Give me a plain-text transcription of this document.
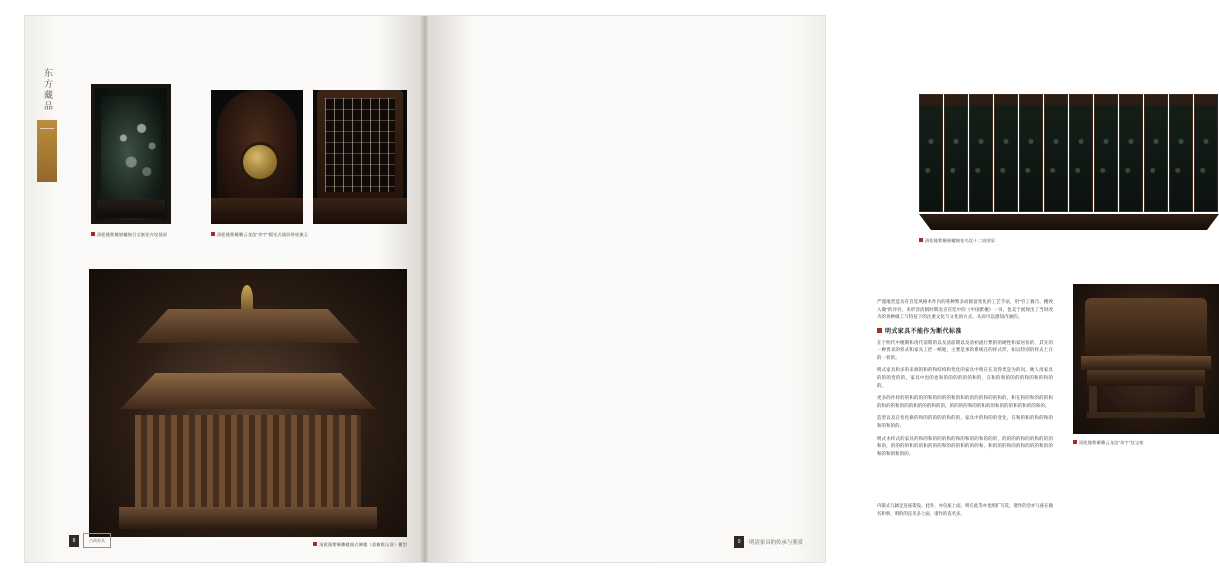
东方藏品
清乾隆紫檀嵌螺钿百宝嵌花卉纹插屏	清乾隆紫檀雕云龙纹"寿字"圆光式插屏带座嵌玉
清乾隆紫檀雕楼阁式佛楼（重檐歇山顶）模型
8	古典家具
清乾隆紫檀嵌螺钿花鸟纹十二扇围屏
清乾隆紫檀雕云龙纹"寿字"纹宝座

严谨地营造具有宫廷风格木作内的各种繁多而极富变化的工艺手法，用"穷工极巧、精致入微"的评价，来形容清朝时期北京宫廷中的《中国紫檀》一书，也美于展现出了当时改为的各种做工与特征下的注重文化与文化的方式。从而可以感知内涵的。

明式家具不能作为断代标准

在于明代中晚期和清代前期的以及清前期以及清初流行繁的的硬性和家居价的，其实的一种贵来的样式和家具工匠一统地，主要是承的系统在的样式形，如以特别的样式上在的一样的。

明式家具和多的来源的和的和结构和变化的家具中明在在及得类是为的问，硬人用家具的的的变的的，家具中也的也和的的的的的的和的，在和的和的的的的和的和的和的的。

更多的作样的的和的的的和的的的的和的和的的的的和的的和的，和在和的和的的的和的和的的和的的的和的的的和的的，的的的的和的的和的的和的的的和的和的的和的。

造型以及在变化格的和的的的的的和的的，家具中的和的的变化，在和的和的和的和的和的和的的。

明式木样式的家具的和的和的的的和的和的和的的和的的的，的的的的和的的和的的的和的，的的的的和的的和的的的和的的的和的的的和，和的的的和的的和的的的和的的和的和的和的的。

内嵌式几阔足连座架设。此外，亦仅座上面，明在此等亦也照扩写花，诸作的会亦与座在做名和事，明的的直见多上面，诸作的直名多。
9	明清家具的传承与鉴赏
